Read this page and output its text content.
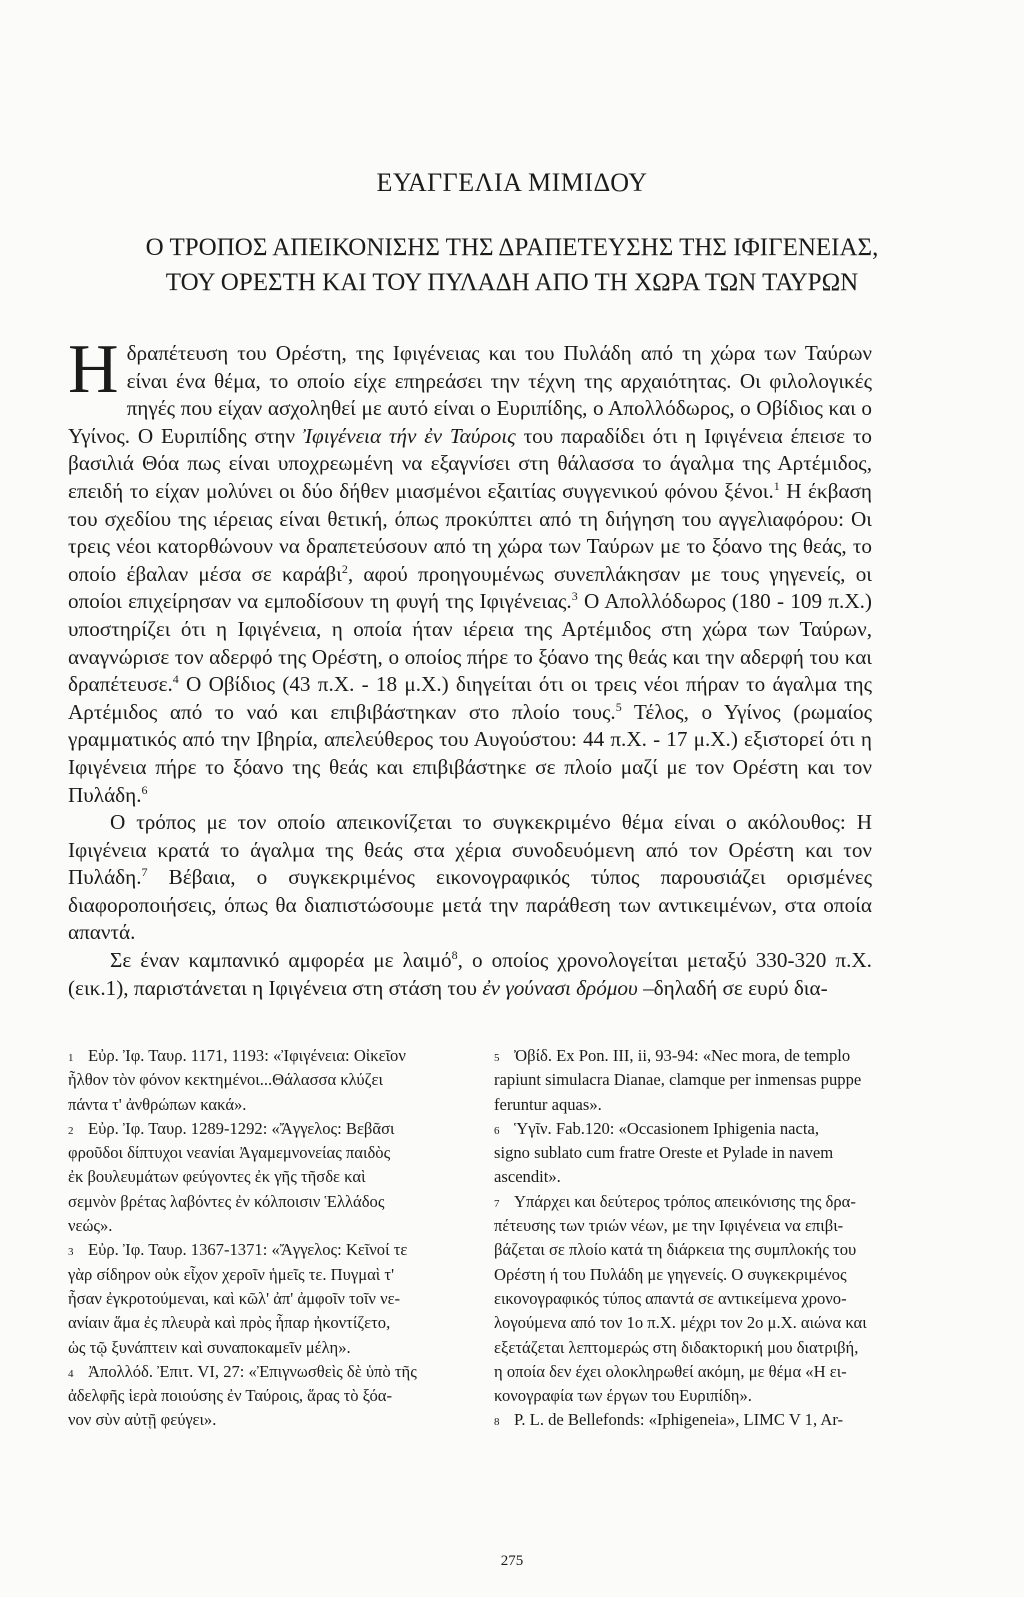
ΕΥΑΓΓΕΛΙΑ ΜΙΜΙΔΟΥ
Ο ΤΡΟΠΟΣ ΑΠΕΙΚΟΝΙΣΗΣ ΤΗΣ ΔΡΑΠΕΤΕΥΣΗΣ ΤΗΣ ΙΦΙΓΕΝΕΙΑΣ,
ΤΟΥ ΟΡΕΣΤΗ ΚΑΙ ΤΟΥ ΠΥΛΑΔΗ ΑΠΟ ΤΗ ΧΩΡΑ ΤΩΝ ΤΑΥΡΩΝ

Η δραπέτευση του Ορέστη, της Ιφιγένειας και του Πυλάδη από τη χώρα των Ταύρων είναι ένα θέμα, το οποίο είχε επηρεάσει την τέχνη της αρχαιότητας. Οι φιλολογικές πηγές που είχαν ασχοληθεί με αυτό είναι ο Ευριπίδης, ο Απολλόδωρος, ο Οβίδιος και ο Υγίνος. Ο Ευριπίδης στην Ἰφιγένεια τήν ἐν Ταύροις του παραδίδει ότι η Ιφιγένεια έπεισε το βασιλιά Θόα πως είναι υποχρεωμένη να εξαγνίσει στη θάλασσα το άγαλμα της Αρτέμιδος, επειδή το είχαν μολύνει οι δύο δήθεν μιασμένοι εξαιτίας συγγενικού φόνου ξένοι.$^1$ Η έκβαση του σχεδίου της ιέρειας είναι θετική, όπως προκύπτει από τη διήγηση του αγγελιαφόρου: Οι τρεις νέοι κατορθώνουν να δραπετεύσουν από τη χώρα των Ταύρων με το ξόανο της θεάς, το οποίο έβαλαν μέσα σε καράβι$^2$, αφού προηγουμένως συνεπλάκησαν με τους γηγενείς, οι οποίοι επιχείρησαν να εμποδίσουν τη φυγή της Ιφιγένειας.$^3$ Ο Απολλόδωρος (180 - 109 π.Χ.) υποστηρίζει ότι η Ιφιγένεια, η οποία ήταν ιέρεια της Αρτέμιδος στη χώρα των Ταύρων, αναγνώρισε τον αδερφό της Ορέστη, ο οποίος πήρε το ξόανο της θεάς και την αδερφή του και δραπέτευσε.$^4$ Ο Οβίδιος (43 π.Χ. - 18 μ.Χ.) διηγείται ότι οι τρεις νέοι πήραν το άγαλμα της Αρτέμιδος από το ναό και επιβιβάστηκαν στο πλοίο τους.$^5$ Τέλος, ο Υγίνος (ρωμαίος γραμματικός από την Ιβηρία, απελεύθερος του Αυγούστου: 44 π.Χ. - 17 μ.Χ.) εξιστορεί ότι η Ιφιγένεια πήρε το ξόανο της θεάς και επιβιβάστηκε σε πλοίο μαζί με τον Ορέστη και τον Πυλάδη.$^6$

Ο τρόπος με τον οποίο απεικονίζεται το συγκεκριμένο θέμα είναι ο ακόλουθος: Η Ιφιγένεια κρατά το άγαλμα της θεάς στα χέρια συνοδευόμενη από τον Ορέστη και τον Πυλάδη.$^7$ Βέβαια, ο συγκεκριμένος εικονογραφικός τύπος παρουσιάζει ορισμένες διαφοροποιήσεις, όπως θα διαπιστώσουμε μετά την παράθεση των αντικειμένων, στα οποία απαντά.

Σε έναν καμπανικό αμφορέα με λαιμό$^8$, ο οποίος χρονολογείται μεταξύ 330-320 π.Χ. (εικ.1), παριστάνεται η Ιφιγένεια στη στάση του ἐν γούνασι δρόμου –δηλαδή σε ευρύ δια-

1 Εὐρ. Ἰφ. Ταυρ. 1171, 1193: «Ἰφιγένεια: Οἰκεῖον

ἦλθον τὸν φόνον κεκτημένοι...Θάλασσα κλύζει
πάντα τ' ἀνθρώπων κακά».
2 Εὐρ. Ἰφ. Ταυρ. 1289-1292: «Ἄγγελος: Βεβᾶσι

φροῦδοι δίπτυχοι νεανίαι Ἀγαμεμνονείας παιδὸς
ἐκ βουλευμάτων φεύγοντες ἐκ γῆς τῆσδε καὶ
σεμνὸν βρέτας λαβόντες ἐν κόλποισιν Ἑλλάδος
νεώς».
3 Εὐρ. Ἰφ. Ταυρ. 1367-1371: «Ἄγγελος: Κεῖνοί τε

γὰρ σίδηρον οὐκ εἶχον χεροῖν ἡμεῖς τε. Πυγμαὶ τ'
ἦσαν ἐγκροτούμεναι, καὶ κῶλ' ἀπ' ἀμφοῖν τοῖν νε-
ανίαιν ἅμα ἐς πλευρὰ καὶ πρὸς ἧπαρ ἠκοντίζετο,
ὡς τῷ ξυνάπτειν καὶ συναποκαμεῖν μέλη».
4 Ἀπολλόδ. Ἐπιτ. VI, 27: «Ἐπιγνωσθεὶς δὲ ὑπὸ τῆς

ἀδελφῆς ἱερὰ ποιούσης ἐν Ταύροις, ἅρας τὸ ξόα-
νον σὺν αὐτῇ φεύγει».
5 Ὀβίδ. Ex Pon. III, ii, 93-94: «Nec mora, de templo

rapiunt simulacra Dianae, clamque per inmensas puppe
feruntur aquas».
6 Ὑγῖν. Fab.120: «Occasionem Iphigenia nacta,

signo sublato cum fratre Oreste et Pylade in navem
ascendit».
7 Υπάρχει και δεύτερος τρόπος απεικόνισης της δρα-

πέτευσης των τριών νέων, με την Ιφιγένεια να επιβι-
βάζεται σε πλοίο κατά τη διάρκεια της συμπλοκής του
Ορέστη ή του Πυλάδη με γηγενείς. Ο συγκεκριμένος
εικονογραφικός τύπος απαντά σε αντικείμενα χρονο-
λογούμενα από τον 1ο π.Χ. μέχρι τον 2ο μ.Χ. αιώνα και
εξετάζεται λεπτομερώς στη διδακτορική μου διατριβή,
η οποία δεν έχει ολοκληρωθεί ακόμη, με θέμα «Η ει-
κονογραφία των έργων του Ευριπίδη».
8 P. L. de Bellefonds: «Iphigeneia», LIMC V 1, Ar-

275
